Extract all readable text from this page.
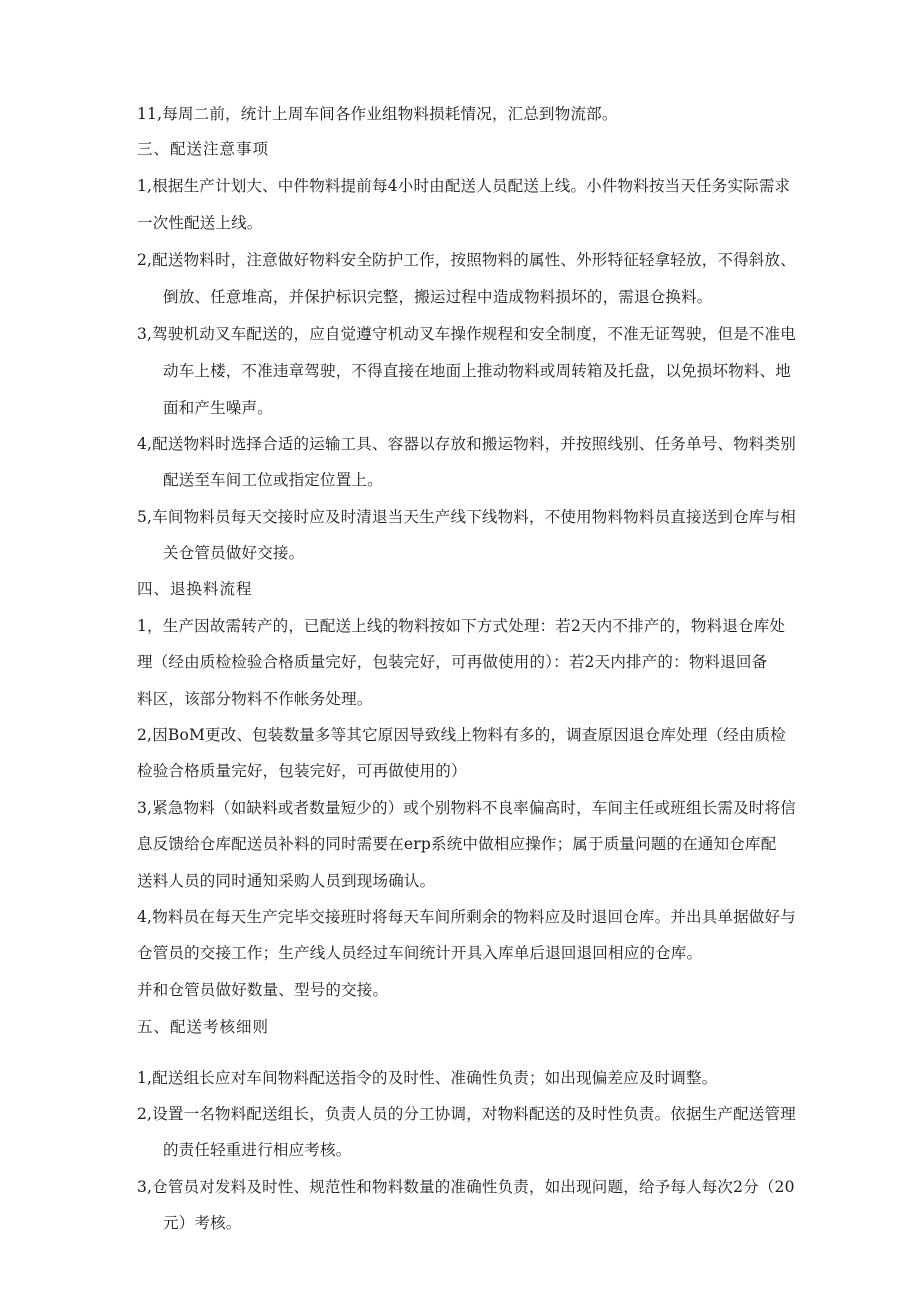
11,每周二前，统计上周车间各作业组物料损耗情况，汇总到物流部。
三、配送注意事项
1,根据生产计划大、中件物料提前每4小时由配送人员配送上线。小件物料按当天任务实际需求
一次性配送上线。
2,配送物料时，注意做好物料安全防护工作，按照物料的属性、外形特征轻拿轻放，不得斜放、
倒放、任意堆高，并保护标识完整，搬运过程中造成物料损坏的，需退仓换料。
3,驾驶机动叉车配送的，应自觉遵守机动叉车操作规程和安全制度，不准无证驾驶，但是不准电
动车上楼，不准违章驾驶，不得直接在地面上推动物料或周转箱及托盘，以免损坏物料、地
面和产生噪声。
4,配送物料时选择合适的运输工具、容器以存放和搬运物料，并按照线别、任务单号、物料类别
配送至车间工位或指定位置上。
5,车间物料员每天交接时应及时清退当天生产线下线物料，不使用物料物料员直接送到仓库与相
关仓管员做好交接。
四、退换料流程
1，生产因故需转产的，已配送上线的物料按如下方式处理：若2天内不排产的，物料退仓库处
理（经由质检检验合格质量完好，包装完好，可再做使用的）：若2天内排产的：物料退回备
料区，该部分物料不作帐务处理。
2,因BoM更改、包装数量多等其它原因导致线上物料有多的，调查原因退仓库处理（经由质检
检验合格质量完好，包装完好，可再做使用的）
3,紧急物料（如缺料或者数量短少的）或个别物料不良率偏高时，车间主任或班组长需及时将信
息反馈给仓库配送员补料的同时需要在erp系统中做相应操作；属于质量问题的在通知仓库配
送料人员的同时通知采购人员到现场确认。
4,物料员在每天生产完毕交接班时将每天车间所剩余的物料应及时退回仓库。并出具单据做好与
仓管员的交接工作；生产线人员经过车间统计开具入库单后退回退回相应的仓库。
并和仓管员做好数量、型号的交接。
五、配送考核细则
1,配送组长应对车间物料配送指令的及时性、准确性负责；如出现偏差应及时调整。
2,设置一名物料配送组长，负责人员的分工协调，对物料配送的及时性负责。依据生产配送管理
的责任轻重进行相应考核。
3,仓管员对发料及时性、规范性和物料数量的准确性负责，如出现问题，给予每人每次2分（20
元）考核。
